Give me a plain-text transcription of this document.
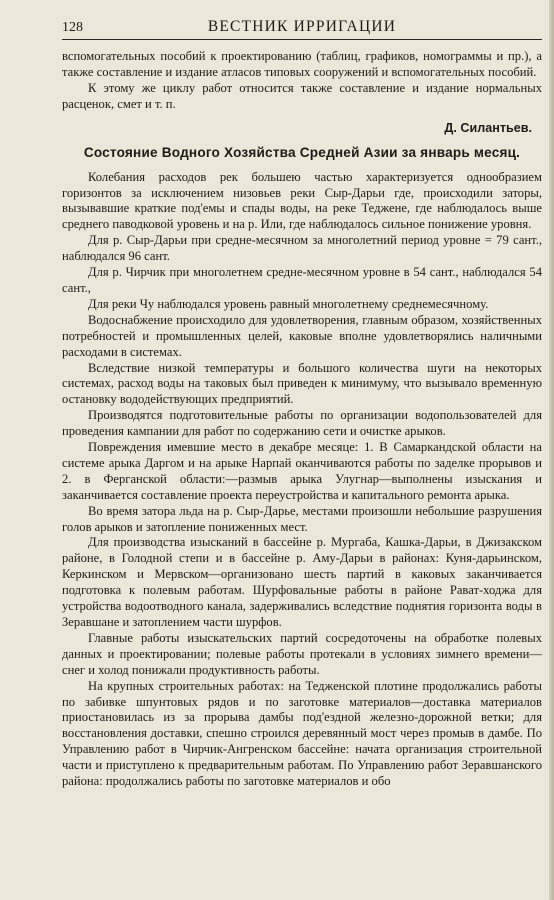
128	ВЕСТНИК ИРРИГАЦИИ

вспомогательных пособий к проектированию (таблиц, графиков, номограммы и пр.), а также составление и издание атласов типовых сооружений и вспомогательных пособий.

К этому же циклу работ относится также составление и издание нормальных расценок, смет и т. п.

Д. Силантьев.
Состояние Водного Хозяйства Средней Азии за январь месяц.

Колебания расходов рек большею частью характеризуется однообразием горизонтов за исключением низовьев реки Сыр-Дарьи где, происходили заторы, вызывавшие краткие под'емы и спады воды, на реке Теджене, где наблюдалось выше среднего паводковой уровень и на р. Или, где наблюдалось сильное понижение уровня.

Для р. Сыр-Дарьи при средне-месячном за многолетний период уровне = 79 сант., наблюдался 96 сант.

Для р. Чирчик при многолетнем средне-месячном уровне в 54 сант., наблюдался 54 сант.,

Для реки Чу наблюдался уровень равный многолетнему среднемесячному.

Водоснабжение происходило для удовлетворения, главным образом, хозяйственных потребностей и промышленных целей, каковые вполне удовлетворялись наличными расходами в системах.

Вследствие низкой температуры и большого количества шуги на некоторых системах, расход воды на таковых был приведен к минимуму, что вызывало временную остановку вододействующих предприятий.

Производятся подготовительные работы по организации водопользователей для проведения кампании для работ по содержанию сети и очистке арыков.

Повреждения имевшие место в декабре месяце: 1. В Самаркандской области на системе арыка Даргом и на арыке Нарпай оканчиваются работы по заделке прорывов и 2. в Ферганской области:—размыв арыка Улугнар—выполнены изыскания и заканчивается составление проекта переустройства и капитального ремонта арыка.

Во время затора льда на р. Сыр-Дарье, местами произошли небольшие разрушения голов арыков и затопление пониженных мест.

Для производства изысканий в бассейне р. Мургаба, Кашка-Дарьи, в Джизакском районе, в Голодной степи и в бассейне р. Аму-Дарьи в районах: Куня-дарьинском, Керкинском и Мервском—организовано шесть партий в каковых заканчивается подготовка к полевым работам. Шурфовальные работы в районе Рават-ходжа для устройства водоотводного канала, задерживались вследствие поднятия горизонта воды в Зеравшане и затоплением части шурфов.

Главные работы изыскательских партий сосредоточены на обработке полевых данных и проектировании; полевые работы протекали в условиях зимнего времени—снег и холод понижали продуктивность работы.

На крупных строительных работах: на Тедженской плотине продолжались работы по забивке шпунтовых рядов и по заготовке материалов—доставка материалов приостановилась из за прорыва дамбы под'ездной железно-дорожной ветки; для восстановления доставки, спешно строился деревянный мост через промыв в дамбе. По Управлению работ в Чирчик-Ангренском бассейне: начата организация строительной части и приступлено к предварительным работам. По Управлению работ Зеравшанского района: продолжались работы по заготовке материалов и обо
